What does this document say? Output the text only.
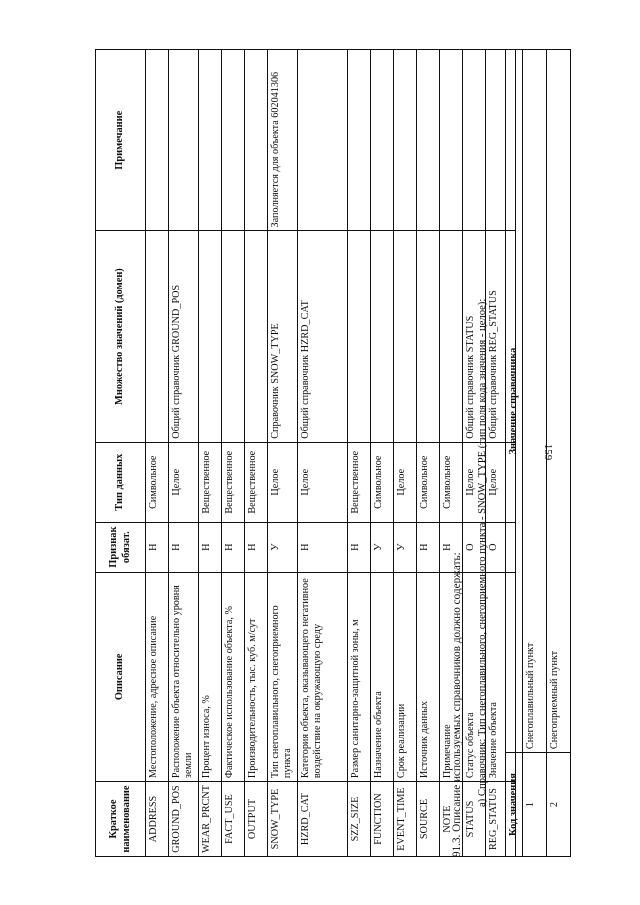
159
Краткое наименование	Описание	Признак обязат.	Тип данных	Множество значений (домен)	Примечание
ADDRESS	Местоположение, адресное описание	Н	Символьное		
GROUND_POS	Расположение объекта относительно уровня земли	Н	Целое	Общий справочник GROUND_POS	
WEAR_PRCNT	Процент износа, %	Н	Вещественное		
FACT_USE	Фактическое использование объекта, %	Н	Вещественное		
OUTPUT	Производительность, тыс. куб. м/сут	Н	Вещественное		
SNOW_TYPE	Тип снегоплавильного, снегоприемного пункта	У	Целое	Справочник SNOW_TYPE	Заполняется для объекта 602041306
HZRD_CAT	Категория объекта, оказывающего негативное воздействие на окружающую среду	Н	Целое	Общий справочник HZRD_CAT	
SZZ_SIZE	Размер санитарно-защитной зоны, м	Н	Вещественное		
FUNCTION	Назначение объекта	У	Символьное		
EVENT_TIME	Срок реализации	У	Целое		
SOURCE	Источник данных	Н	Символьное		
NOTE	Примечание	Н	Символьное		
STATUS	Статус объекта	О	Целое	Общий справочник STATUS	
REG_STATUS	Значение объекта	О	Целое	Общий справочник REG_STATUS	
91.3. Описание используемых справочников должно содержать: а) Справочник: Тип снегоплавильного, снегоприемного пункта - SNOW_TYPE (тип поля кода значения - целое): Код значения	Значение справочника
1	Снегоплавильный пункт
2	Снегоприемный пункт
